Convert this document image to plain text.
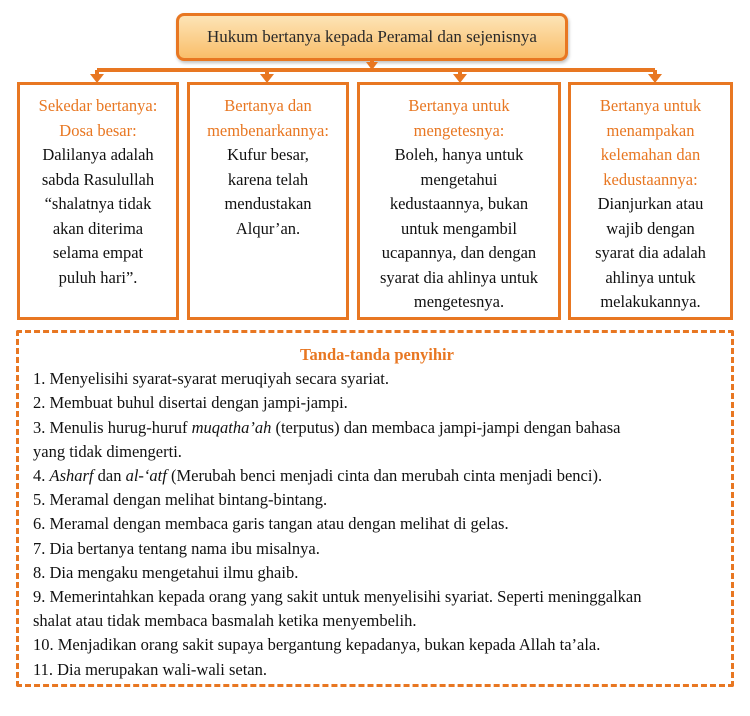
Hukum bertanya kepada Peramal dan sejenisnya
Sekedar bertanya:
Dosa besar:
Dalilanya adalah
sabda Rasulullah
“shalatnya tidak
akan diterima
selama empat
puluh hari”.
Bertanya dan
membenarkannya:
Kufur besar,
karena telah
mendustakan
Alqur’an.
Bertanya untuk
mengetesnya:
Boleh, hanya untuk
mengetahui
kedustaannya, bukan
untuk mengambil
ucapannya, dan dengan
syarat dia ahlinya untuk
mengetesnya.
Bertanya untuk
menampakan
kelemahan dan
kedustaannya:
Dianjurkan atau
wajib dengan
syarat dia adalah
ahlinya untuk
melakukannya.
Tanda-tanda penyihir

1. Menyelisihi syarat-syarat meruqiyah secara syariat.

2. Membuat buhul disertai dengan jampi-jampi.

3. Menulis hurug-huruf muqatha’ah (terputus) dan membaca jampi-jampi dengan bahasa
yang tidak dimengerti.

4. Asharf dan al-‘atf (Merubah benci menjadi cinta dan merubah cinta menjadi benci).

5. Meramal dengan melihat bintang-bintang.

6. Meramal dengan membaca garis tangan atau dengan melihat di gelas.

7. Dia bertanya tentang nama ibu misalnya.

8. Dia mengaku mengetahui ilmu ghaib.

9. Memerintahkan kepada orang yang sakit untuk menyelisihi syariat. Seperti meninggalkan
shalat atau tidak membaca basmalah ketika menyembelih.

10. Menjadikan orang sakit supaya bergantung kepadanya, bukan kepada Allah ta’ala.

11. Dia merupakan wali-wali setan.
